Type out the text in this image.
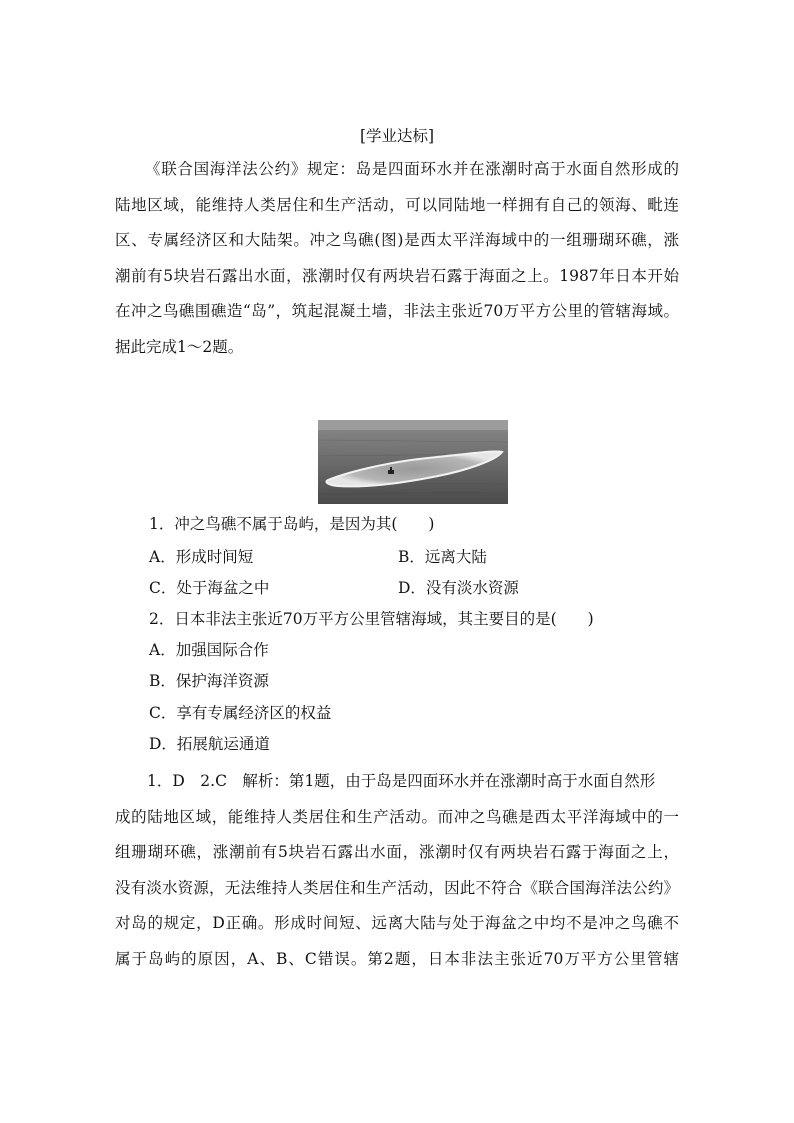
[学业达标]
《联合国海洋法公约》规定：岛是四面环水并在涨潮时高于水面自然形成的
陆地区域，能维持人类居住和生产活动，可以同陆地一样拥有自己的领海、毗连
区、专属经济区和大陆架。冲之鸟礁(图)是西太平洋海域中的一组珊瑚环礁，涨
潮前有5块岩石露出水面，涨潮时仅有两块岩石露于海面之上。1987年日本开始
在冲之鸟礁围礁造“岛”，筑起混凝土墙，非法主张近70万平方公里的管辖海域。
据此完成1～2题。
1．冲之鸟礁不属于岛屿，是因为其(　　)
A．形成时间短	B．远离大陆
C．处于海盆之中	D．没有淡水资源
2．日本非法主张近70万平方公里管辖海域，其主要目的是(　　)
A．加强国际合作
B．保护海洋资源
C．享有专属经济区的权益
D．拓展航运通道
1．D　2.C　解析：第1题，由于岛是四面环水并在涨潮时高于水面自然形
成的陆地区域，能维持人类居住和生产活动。而冲之鸟礁是西太平洋海域中的一
组珊瑚环礁，涨潮前有5块岩石露出水面，涨潮时仅有两块岩石露于海面之上，
没有淡水资源，无法维持人类居住和生产活动，因此不符合《联合国海洋法公约》
对岛的规定，D正确。形成时间短、远离大陆与处于海盆之中均不是冲之鸟礁不
属于岛屿的原因，A、B、C错误。第2题，日本非法主张近70万平方公里管辖
